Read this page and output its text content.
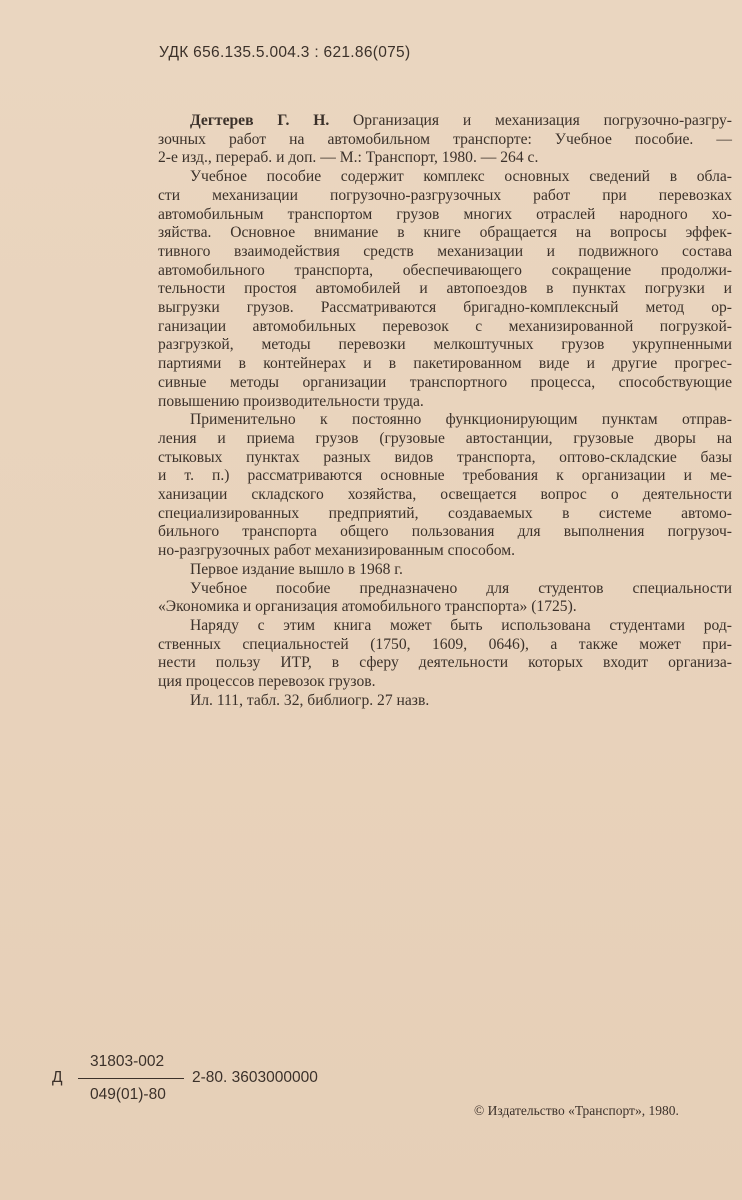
УДК 656.135.5.004.3 : 621.86(075)
Дегтерев Г. Н. Организация и механизация погрузочно-разгру-
зочных работ на автомобильном транспорте: Учебное пособие. —
2-е изд., перераб. и доп. — М.: Транспорт, 1980. — 264 с.
Учебное пособие содержит комплекс основных сведений в обла-
сти механизации погрузочно-разгрузочных работ при перевозках
автомобильным транспортом грузов многих отраслей народного хо-
зяйства. Основное внимание в книге обращается на вопросы эффек-
тивного взаимодействия средств механизации и подвижного состава
автомобильного транспорта, обеспечивающего сокращение продолжи-
тельности простоя автомобилей и автопоездов в пунктах погрузки и
выгрузки грузов. Рассматриваются бригадно-комплексный метод ор-
ганизации автомобильных перевозок с механизированной погрузкой-
разгрузкой, методы перевозки мелкоштучных грузов укрупненными
партиями в контейнерах и в пакетированном виде и другие прогрес-
сивные методы организации транспортного процесса, способствующие
повышению производительности труда.
Применительно к постоянно функционирующим пунктам отправ-
ления и приема грузов (грузовые автостанции, грузовые дворы на
стыковых пунктах разных видов транспорта, оптово-складские базы
и т. п.) рассматриваются основные требования к организации и ме-
ханизации складского хозяйства, освещается вопрос о деятельности
специализированных предприятий, создаваемых в системе автомо-
бильного транспорта общего пользования для выполнения погрузоч-
но-разгрузочных работ механизированным способом.
Первое издание вышло в 1968 г.
Учебное пособие предназначено для студентов специальности
«Экономика и организация атомобильного транспорта» (1725).
Наряду с этим книга может быть использована студентами род-
ственных специальностей (1750, 1609, 0646), а также может при-
нести пользу ИТР, в сферу деятельности которых входит организа-
ция процессов перевозок грузов.
Ил. 111, табл. 32, библиогр. 27 назв.
Д
31803-002
049(01)-80
2-80. 3603000000
© Издательство «Транспорт», 1980.
